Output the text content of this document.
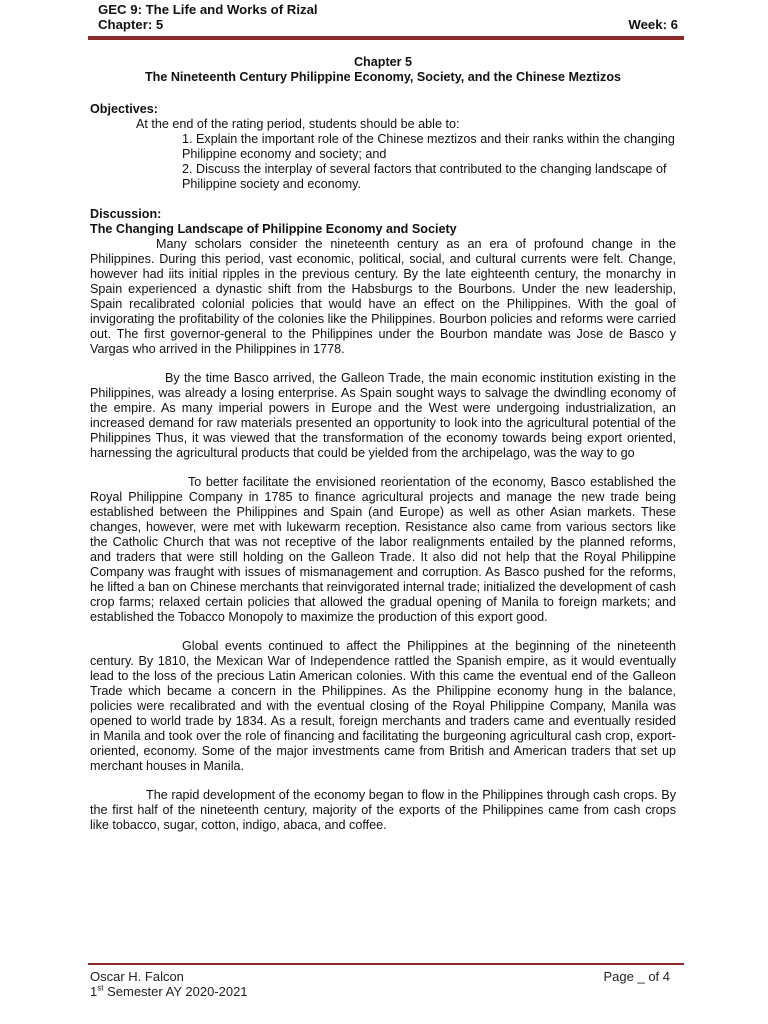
GEC 9: The Life and Works of Rizal
Chapter: 5	Week: 6
Chapter 5
The Nineteenth Century Philippine Economy, Society, and the Chinese Meztizos
Objectives:
At the end of the rating period, students should be able to:
1. Explain the important role of the Chinese meztizos and their ranks within the changing Philippine economy and society; and
2. Discuss the interplay of several factors that contributed to the changing landscape of Philippine society and economy.
Discussion:
The Changing Landscape of Philippine Economy and Society

Many scholars consider the nineteenth century as an era of profound change in the Philippines. During this period, vast economic, political, social, and cultural currents were felt. Change, however had iits initial ripples in the previous century. By the late eighteenth century, the monarchy in Spain experienced a dynastic shift from the Habsburgs to the Bourbons. Under the new leadership, Spain recalibrated colonial policies that would have an effect on the Philippines. With the goal of invigorating the profitability of the colonies like the Philippines. Bourbon policies and reforms were carried out. The first governor-general to the Philippines under the Bourbon mandate was Jose de Basco y Vargas who arrived in the Philippines in 1778.

By the time Basco arrived, the Galleon Trade, the main economic institution existing in the Philippines, was already a losing enterprise. As Spain sought ways to salvage the dwindling economy of the empire. As many imperial powers in Europe and the West were undergoing industrialization, an increased demand for raw materials presented an opportunity to look into the agricultural potential of the Philippines Thus, it was viewed that the transformation of the economy towards being export oriented, harnessing the agricultural products that could be yielded from the archipelago, was the way to go

To better facilitate the envisioned reorientation of the economy, Basco established the Royal Philippine Company in 1785 to finance agricultural projects and manage the new trade being established between the Philippines and Spain (and Europe) as well as other Asian markets. These changes, however, were met with lukewarm reception. Resistance also came from various sectors like the Catholic Church that was not receptive of the labor realignments entailed by the planned reforms, and traders that were still holding on the Galleon Trade. It also did not help that the Royal Philippine Company was fraught with issues of mismanagement and corruption. As Basco pushed for the reforms, he lifted a ban on Chinese merchants that reinvigorated internal trade; initialized the development of cash crop farms; relaxed certain policies that allowed the gradual opening of Manila to foreign markets; and established the Tobacco Monopoly to maximize the production of this export good.

Global events continued to affect the Philippines at the beginning of the nineteenth century. By 1810, the Mexican War of Independence rattled the Spanish empire, as it would eventually lead to the loss of the precious Latin American colonies. With this came the eventual end of the Galleon Trade which became a concern in the Philippines. As the Philippine economy hung in the balance, policies were recalibrated and with the eventual closing of the Royal Philippine Company, Manila was opened to world trade by 1834. As a result, foreign merchants and traders came and eventually resided in Manila and took over the role of financing and facilitating the burgeoning agricultural cash crop, export-oriented, economy. Some of the major investments came from British and American traders that set up merchant houses in Manila.

The rapid development of the economy began to flow in the Philippines through cash crops. By the first half of the nineteenth century, majority of the exports of the Philippines came from cash crops like tobacco, sugar, cotton, indigo, abaca, and coffee.

Oscar H. Falcon	Page _ of 4
1st Semester AY 2020-2021
